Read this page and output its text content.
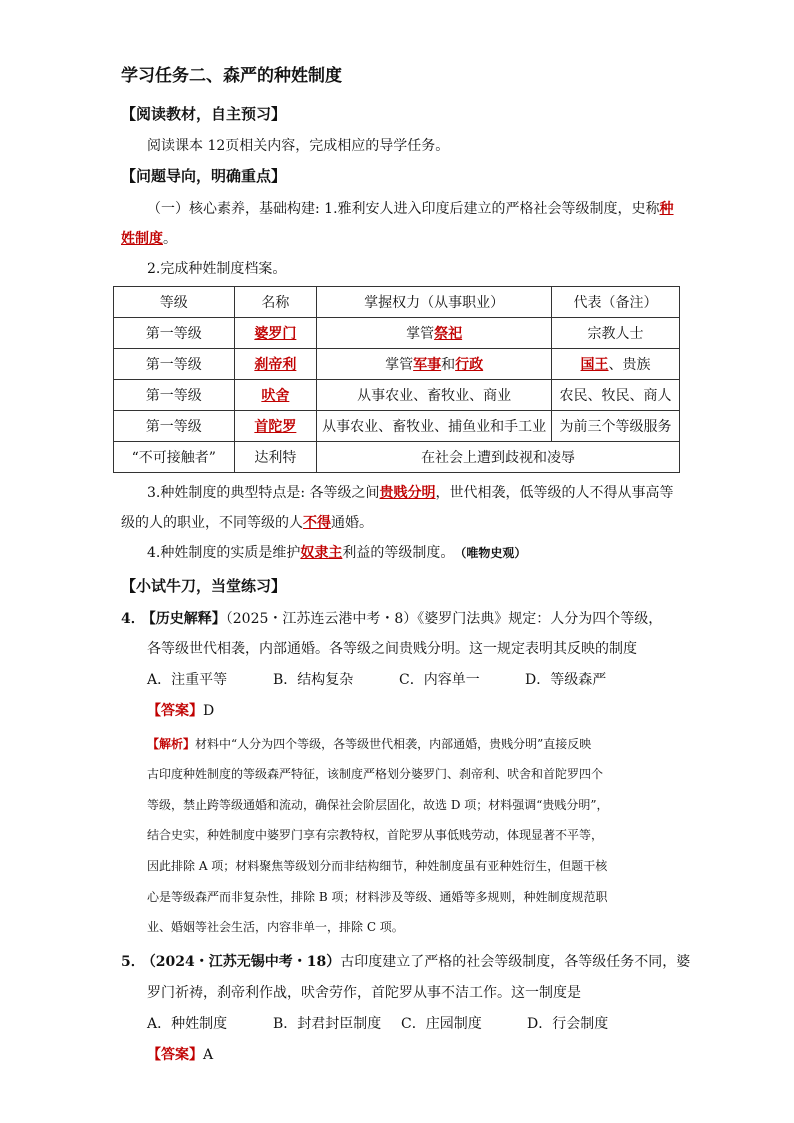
学习任务二、森严的种姓制度
【阅读教材，自主预习】
阅读课本 12页相关内容，完成相应的导学任务。
【问题导向，明确重点】
（一）核心素养，基础构建: 1.雅利安人进入印度后建立的严格社会等级制度，史称种
姓制度。
2.完成种姓制度档案。
等级	名称	掌握权力（从事职业）	代表（备注）
第一等级	婆罗门	掌管祭祀	宗教人士
第一等级	刹帝利	掌管军事和行政	国王、贵族
第一等级	吠舍	从事农业、畜牧业、商业	农民、牧民、商人
第一等级	首陀罗	从事农业、畜牧业、捕鱼业和手工业	为前三个等级服务
“不可接触者”	达利特	在社会上遭到歧视和凌辱	
3.种姓制度的典型特点是: 各等级之间贵贱分明，世代相袭，低等级的人不得从事高等
级的人的职业，不同等级的人不得通婚。
4.种姓制度的实质是维护奴隶主利益的等级制度。 （唯物史观）
【小试牛刀，当堂练习】
4． 【历史解释】（2025・江苏连云港中考・8）《婆罗门法典》规定：人分为四个等级，
各等级世代相袭，内部通婚。各等级之间贵贱分明。这一规定表明其反映的制度
A．注重平等	B．结构复杂	C．内容单一	D．等级森严
【答案】D
【解析】材料中“人分为四个等级，各等级世代相袭，内部通婚，贵贱分明”直接反映
古印度种姓制度的等级森严特征，该制度严格划分婆罗门、刹帝利、吠舍和首陀罗四个
等级，禁止跨等级通婚和流动，确保社会阶层固化，故选 D 项；材料强调“贵贱分明”，
结合史实，种姓制度中婆罗门享有宗教特权，首陀罗从事低贱劳动，体现显著不平等，
因此排除 A 项；材料聚焦等级划分而非结构细节，种姓制度虽有亚种姓衍生，但题干核
心是等级森严而非复杂性，排除 B 项；材料涉及等级、通婚等多规则，种姓制度规范职
业、婚姻等社会生活，内容非单一，排除 C 项。
5． （2024・江苏无锡中考・18）古印度建立了严格的社会等级制度，各等级任务不同，婆
罗门祈祷，刹帝利作战，吠舍劳作，首陀罗从事不洁工作。这一制度是
A．种姓制度	B．封君封臣制度 C．庄园制度	D．行会制度
【答案】A
